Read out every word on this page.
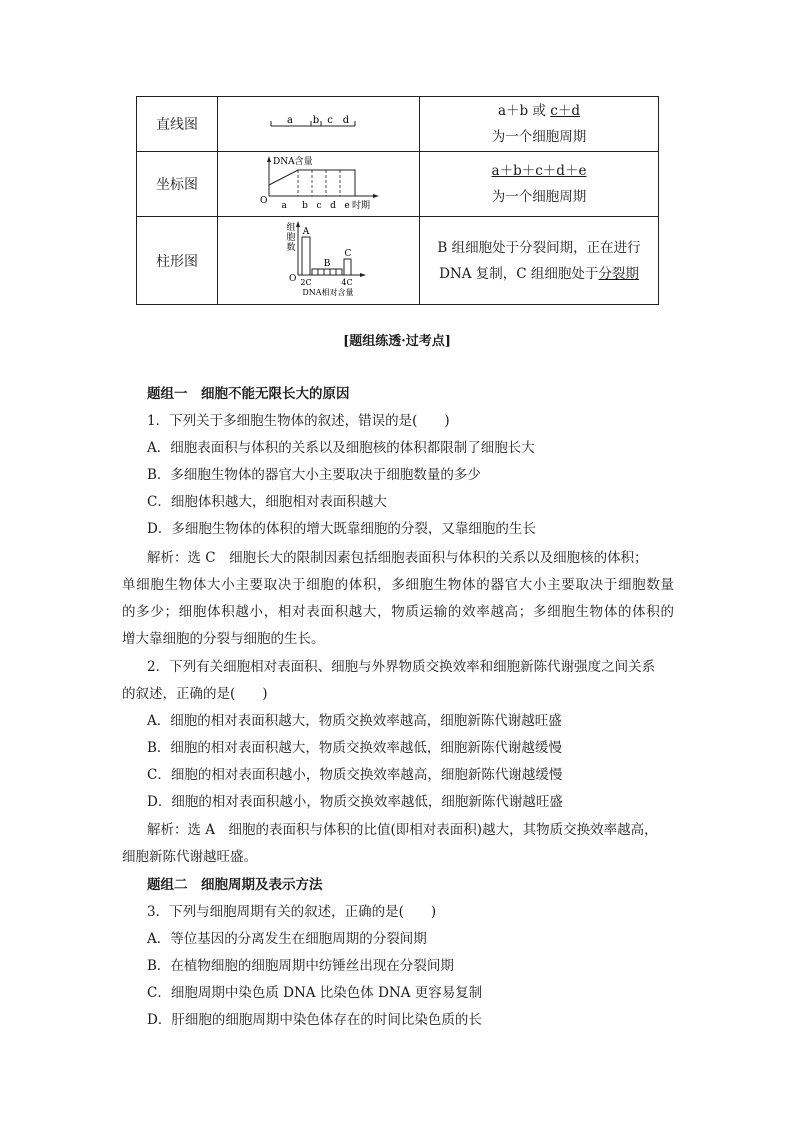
直线图	a b c d
a＋b 或 c＋d
为一个细胞周期
坐标图
DNA含量
O a b c d e 时期
a＋b＋c＋d＋e
为一个细胞周期
柱形图
组
胞
数
A
B
C
O 2C	4C
DNA相对含量
B 组细胞处于分裂间期，正在进行
DNA 复制，C 组细胞处于分裂期
[题组练透·过考点]
题组一　细胞不能无限长大的原因
1．下列关于多细胞生物体的叙述，错误的是(　　)
A．细胞表面积与体积的关系以及细胞核的体积都限制了细胞长大
B．多细胞生物体的器官大小主要取决于细胞数量的多少
C．细胞体积越大，细胞相对表面积越大
D．多细胞生物体的体积的增大既靠细胞的分裂，又靠细胞的生长
解析：选 C　细胞长大的限制因素包括细胞表面积与体积的关系以及细胞核的体积；
单细胞生物体大小主要取决于细胞的体积，多细胞生物体的器官大小主要取决于细胞数量
的多少；细胞体积越小，相对表面积越大，物质运输的效率越高；多细胞生物体的体积的
增大靠细胞的分裂与细胞的生长。
2．下列有关细胞相对表面积、细胞与外界物质交换效率和细胞新陈代谢强度之间关系
的叙述，正确的是(　　)
A．细胞的相对表面积越大，物质交换效率越高，细胞新陈代谢越旺盛
B．细胞的相对表面积越大，物质交换效率越低，细胞新陈代谢越缓慢
C．细胞的相对表面积越小，物质交换效率越高，细胞新陈代谢越缓慢
D．细胞的相对表面积越小，物质交换效率越低，细胞新陈代谢越旺盛
解析：选 A　细胞的表面积与体积的比值(即相对表面积)越大，其物质交换效率越高，
细胞新陈代谢越旺盛。
题组二　细胞周期及表示方法
3．下列与细胞周期有关的叙述，正确的是(　　)
A．等位基因的分离发生在细胞周期的分裂间期
B．在植物细胞的细胞周期中纺锤丝出现在分裂间期
C．细胞周期中染色质 DNA 比染色体 DNA 更容易复制
D．肝细胞的细胞周期中染色体存在的时间比染色质的长
